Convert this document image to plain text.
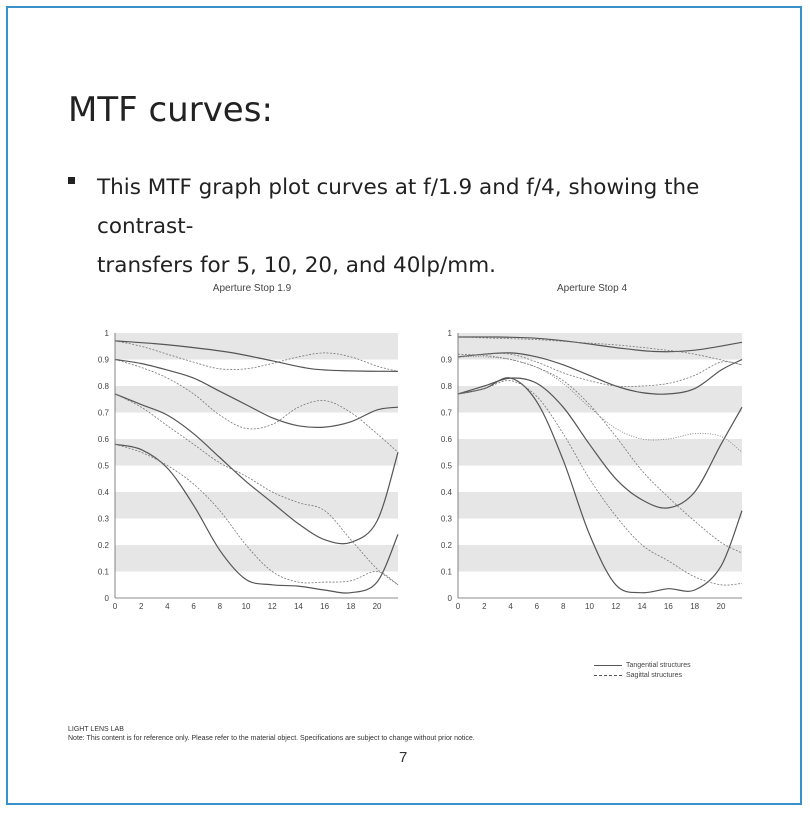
MTF curves:
This MTF graph plot curves at f/1.9 and f/4, showing the contrast-
transfers for 5, 10, 20, and 40lp/mm.
Aperture Stop 1.9	Aperture Stop 4
0
0.1
0.2
0.3
0.4
0.5
0.6
0.7
0.8
0.9
1
0	2	4	6	8 10 12 14 16 18 20
0
0.1
0.2
0.3
0.4
0.5
0.6
0.7
0.8
0.9
1
0	2	4	6	8 10 12 14 16 18 20
Tangential structures
Sagittal structures
LIGHT LENS LAB
Note: This content is for reference only. Please refer to the material object. Specifications are subject to change without prior notice.
7
